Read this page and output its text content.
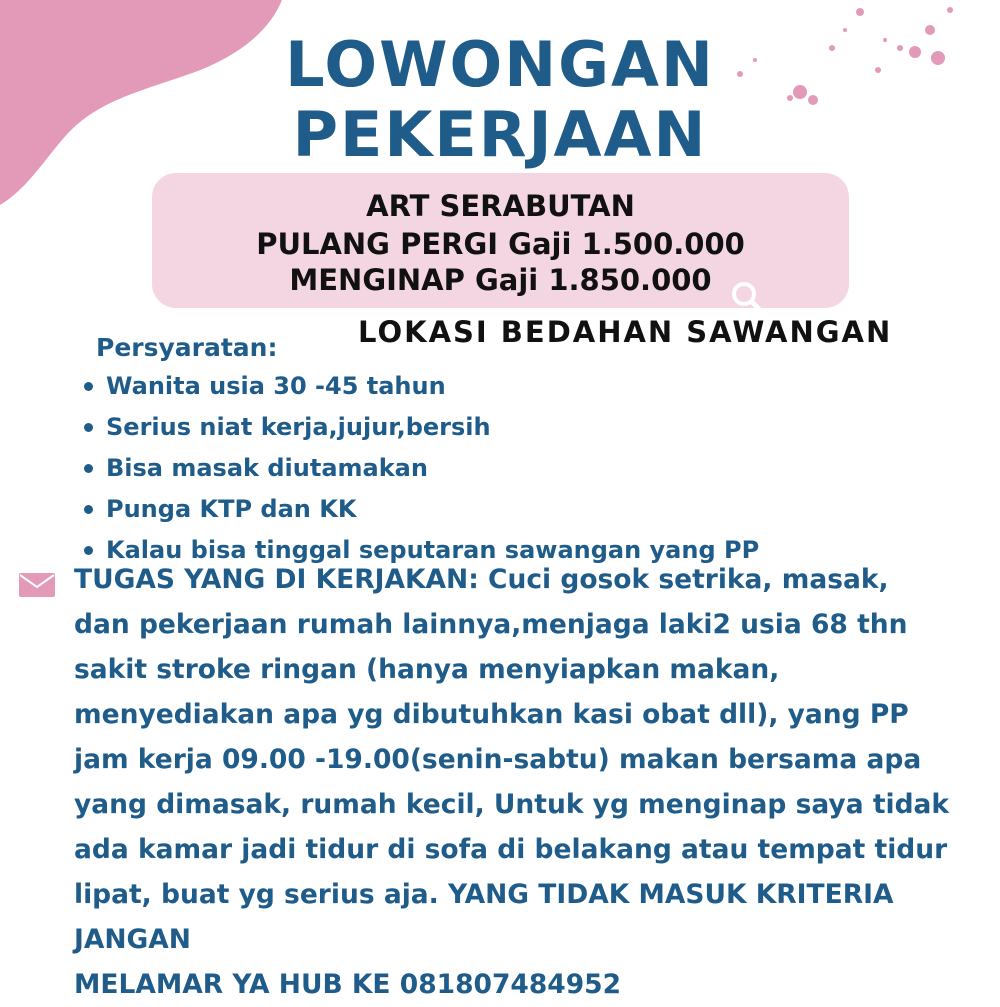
LOWONGAN
PEKERJAAN
ART SERABUTAN
PULANG PERGI Gaji 1.500.000
MENGINAP Gaji 1.850.000
LOKASI BEDAHAN SAWANGAN
Persyaratan:
Wanita usia 30 -45 tahun
Serius niat kerja,jujur,bersih
Bisa masak diutamakan
Punga KTP dan KK
Kalau bisa tinggal seputaran sawangan yang PP
TUGAS YANG DI KERJAKAN: Cuci gosok setrika, masak,
dan pekerjaan rumah lainnya,menjaga laki2 usia 68 thn
sakit stroke ringan (hanya menyiapkan makan,
menyediakan apa yg dibutuhkan kasi obat dll), yang PP
jam kerja 09.00 -19.00(senin-sabtu) makan bersama apa
yang dimasak, rumah kecil, Untuk yg menginap saya tidak
ada kamar jadi tidur di sofa di belakang atau tempat tidur
lipat, buat yg serius aja. YANG TIDAK MASUK KRITERIA
JANGAN
MELAMAR YA HUB KE 081807484952
